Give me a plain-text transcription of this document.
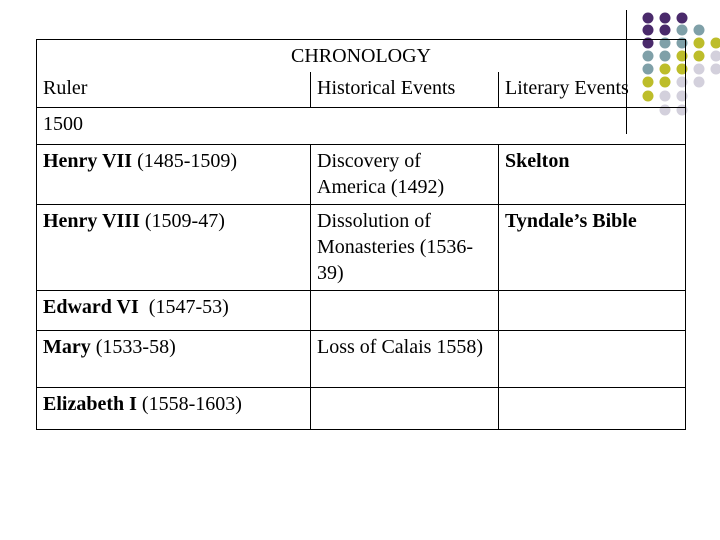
CHRONOLOGY		
Ruler	Historical Events	Literary Events
1500		
Henry VII (1485-1509)	Discovery of America (1492)	Skelton
Henry VIII (1509-47)	Dissolution of Monasteries (1536-39)	Tyndale’s Bible
Edward VI  (1547-53)		
Mary (1533-58)	Loss of Calais 1558)	
Elizabeth I (1558-1603)		
